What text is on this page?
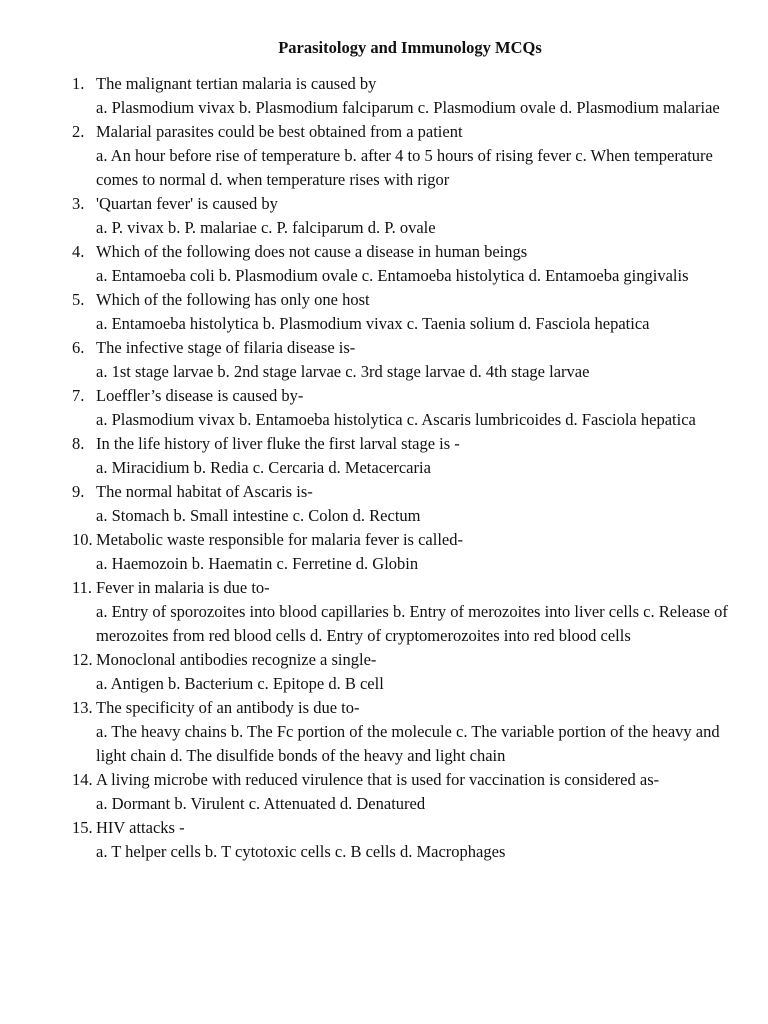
Parasitology and Immunology MCQs
1. The malignant tertian malaria is caused by
a. Plasmodium vivax b. Plasmodium falciparum c. Plasmodium ovale d. Plasmodium malariae
2. Malarial parasites could be best obtained from a patient
a. An hour before rise of temperature b. after 4 to 5 hours of rising fever c. When temperature comes to normal d. when temperature rises with rigor
3. 'Quartan fever' is caused by
a. P. vivax b. P. malariae c. P. falciparum d. P. ovale
4. Which of the following does not cause a disease in human beings
a. Entamoeba coli b. Plasmodium ovale c. Entamoeba histolytica d. Entamoeba gingivalis
5. Which of the following has only one host
a. Entamoeba histolytica b. Plasmodium vivax c. Taenia solium d. Fasciola hepatica
6. The infective stage of filaria disease is-
a. 1st stage larvae b. 2nd stage larvae c. 3rd stage larvae d. 4th stage larvae
7. Loeffler’s disease is caused by-
a. Plasmodium vivax b. Entamoeba histolytica c. Ascaris lumbricoides d. Fasciola hepatica
8. In the life history of liver fluke the first larval stage is -
a. Miracidium b. Redia c. Cercaria d. Metacercaria
9. The normal habitat of Ascaris is-
a. Stomach b. Small intestine c. Colon d. Rectum
10. Metabolic waste responsible for malaria fever is called-
a. Haemozoin b. Haematin c. Ferretine d. Globin
11. Fever in malaria is due to-
a. Entry of sporozoites into blood capillaries b. Entry of merozoites into liver cells c. Release of merozoites from red blood cells d. Entry of cryptomerozoites into red blood cells
12. Monoclonal antibodies recognize a single-
a. Antigen b. Bacterium c. Epitope d. B cell
13. The specificity of an antibody is due to-
a. The heavy chains b. The Fc portion of the molecule c. The variable portion of the heavy and light chain d. The disulfide bonds of the heavy and light chain
14. A living microbe with reduced virulence that is used for vaccination is considered as-
a. Dormant b. Virulent c. Attenuated d. Denatured
15. HIV attacks -
a. T helper cells b. T cytotoxic cells c. B cells d. Macrophages
